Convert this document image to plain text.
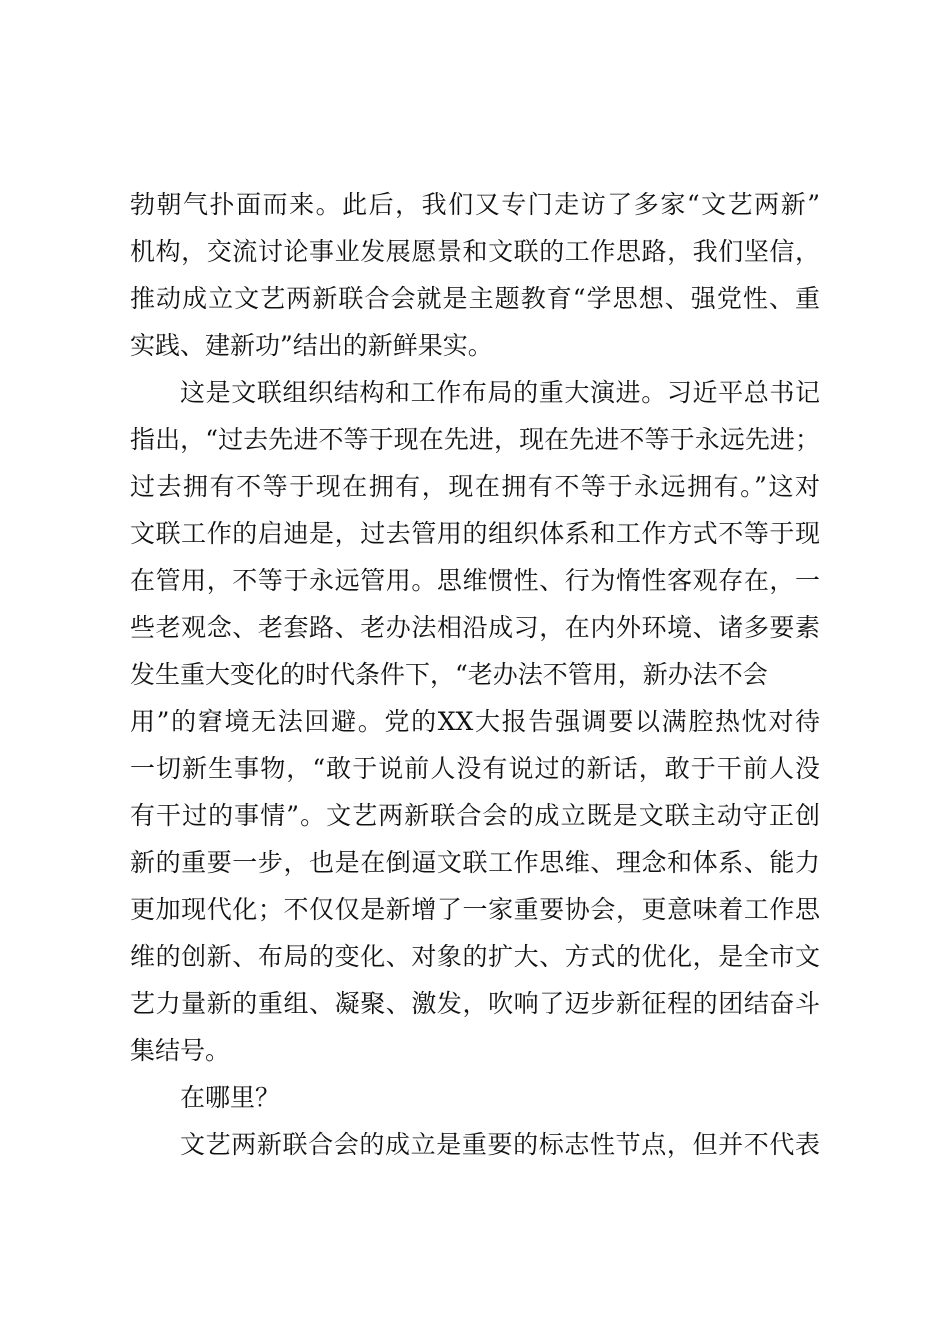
勃朝气扑面而来。此后，我们又专门走访了多家“文艺两新”
机构，交流讨论事业发展愿景和文联的工作思路，我们坚信，
推动成立文艺两新联合会就是主题教育“学思想、强党性、重
实践、建新功”结出的新鲜果实。
这是文联组织结构和工作布局的重大演进。习近平总书记
指出，“过去先进不等于现在先进，现在先进不等于永远先进；
过去拥有不等于现在拥有，现在拥有不等于永远拥有。”这对
文联工作的启迪是，过去管用的组织体系和工作方式不等于现
在管用，不等于永远管用。思维惯性、行为惰性客观存在，一
些老观念、老套路、老办法相沿成习，在内外环境、诸多要素
发生重大变化的时代条件下，“老办法不管用，新办法不会
用”的窘境无法回避。党的XX大报告强调要以满腔热忱对待
一切新生事物，“敢于说前人没有说过的新话，敢于干前人没
有干过的事情”。文艺两新联合会的成立既是文联主动守正创
新的重要一步，也是在倒逼文联工作思维、理念和体系、能力
更加现代化；不仅仅是新增了一家重要协会，更意味着工作思
维的创新、布局的变化、对象的扩大、方式的优化，是全市文
艺力量新的重组、凝聚、激发，吹响了迈步新征程的团结奋斗
集结号。
在哪里？
文艺两新联合会的成立是重要的标志性节点，但并不代表
